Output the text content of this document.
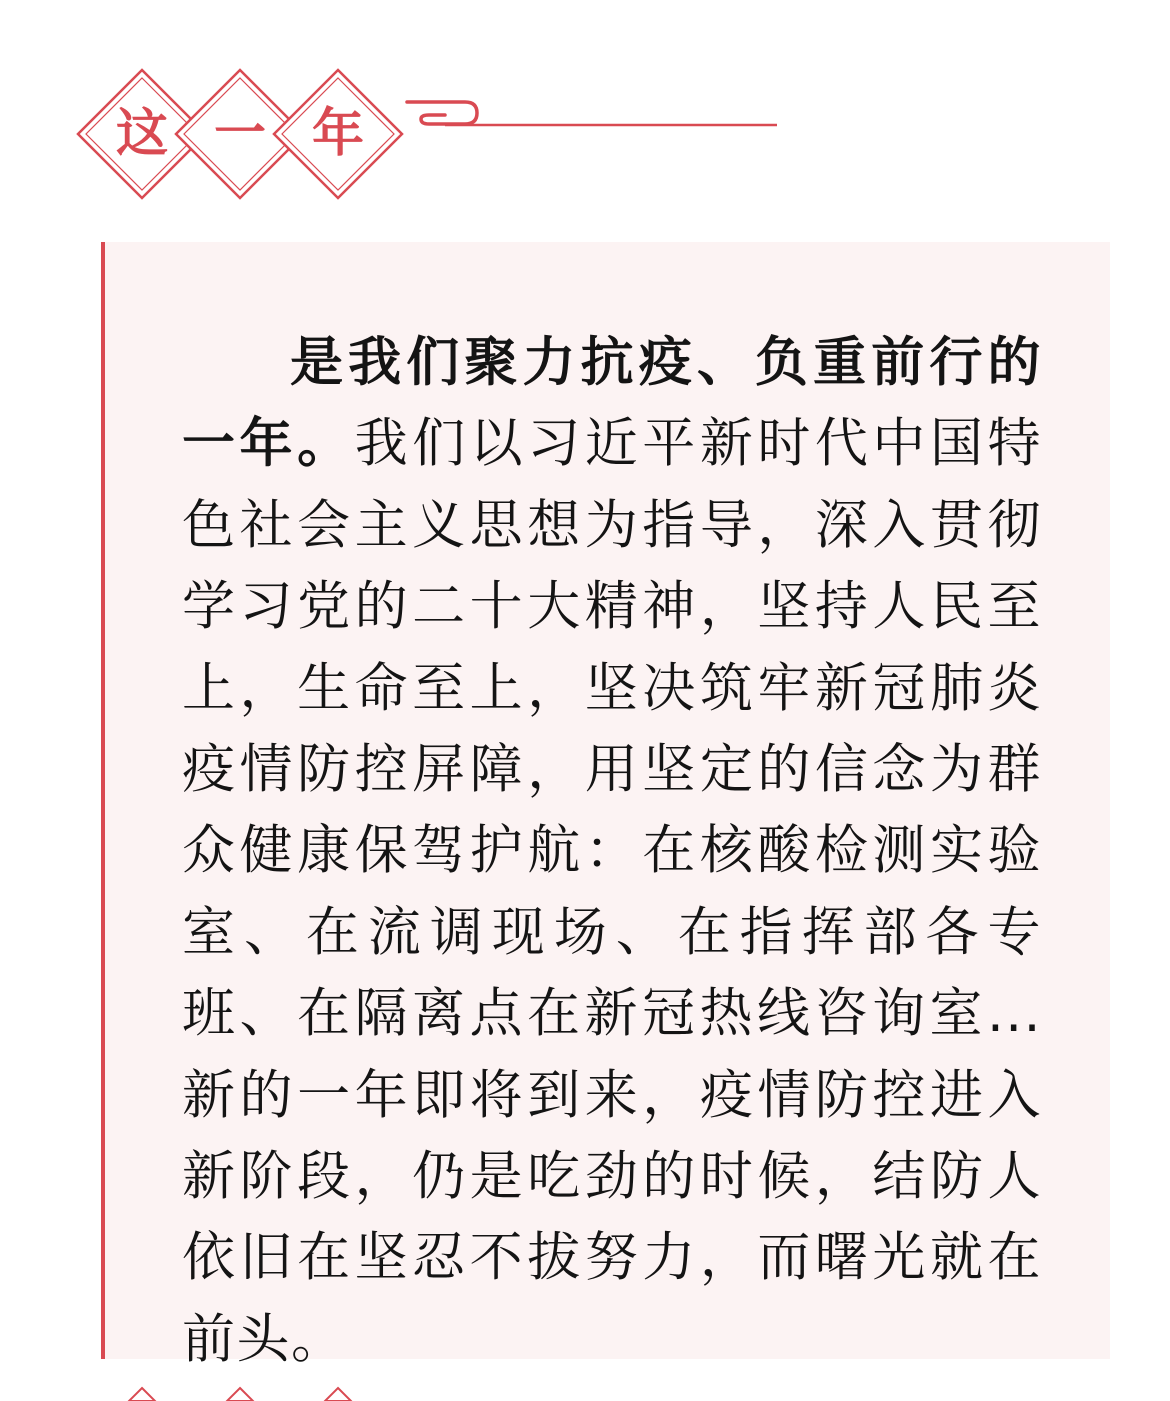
这 一 年

是我们聚力抗疫、负重前行的一年。我们以习近平新时代中国特色社会主义思想为指导，深入贯彻学习党的二十大精神，坚持人民至上，生命至上，坚决筑牢新冠肺炎疫情防控屏障，用坚定的信念为群众健康保驾护航：在核酸检测实验室、在流调现场、在指挥部各专班、在隔离点在新冠热线咨询室...新的一年即将到来，疫情防控进入新阶段，仍是吃劲的时候，结防人依旧在坚忍不拔努力，而曙光就在前头。
